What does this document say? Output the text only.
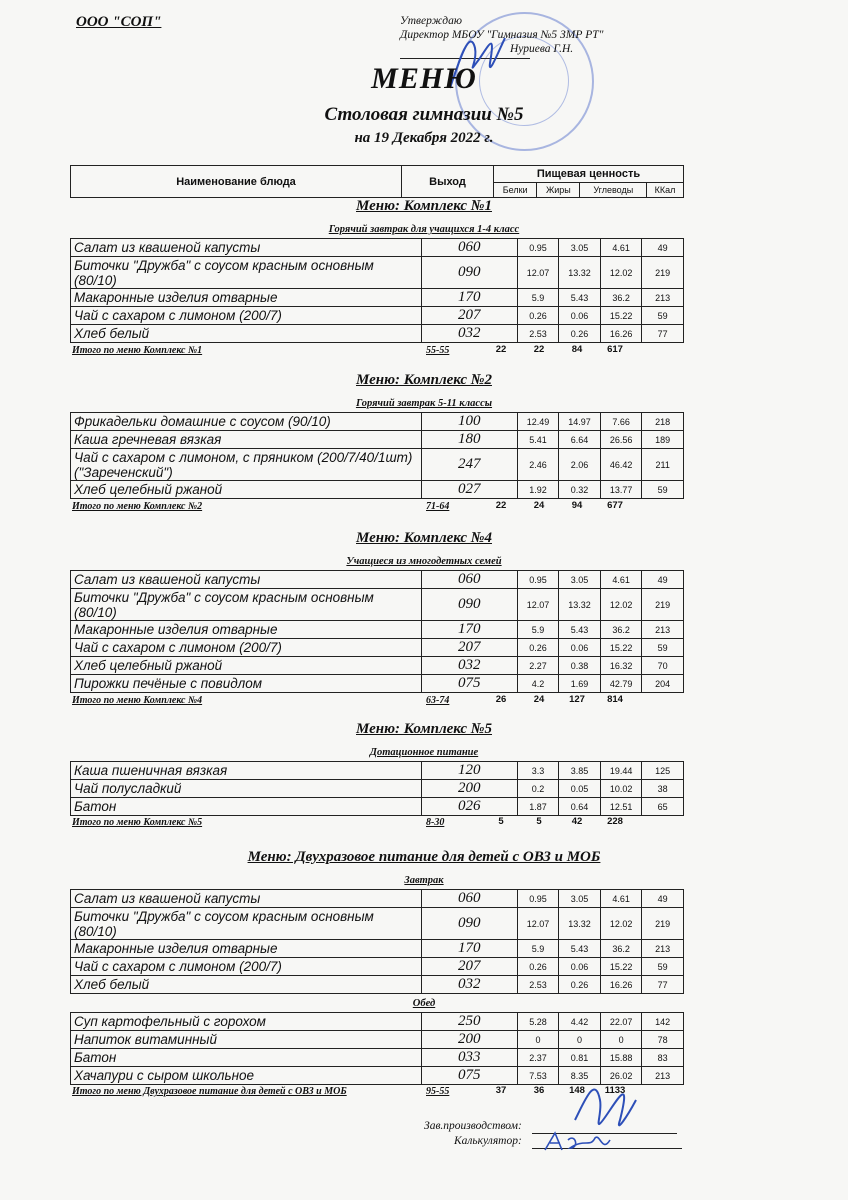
ООО "СОП"	Утверждаю
Директор МБОУ "Гимназия №5 ЗМР РТ"
Нуриева Г.Н.
МЕНЮ
Столовая гимназии №5
на 19 Декабря 2022 г.
Наименование блюда	Выход	Пищевая ценность			
		Белки	Жиры	Углеводы	ККал
Меню: Комплекс №1
Горячий завтрак для учащихся 1-4 класс
Салат из квашеной капусты	060	0.95	3.05	4.61	49
Биточки "Дружба" с соусом красным основным (80/10)	090	12.07	13.32	12.02	219
Макаронные изделия отварные	170	5.9	5.43	36.2	213
Чай с сахаром с лимоном (200/7)	207	0.26	0.06	15.22	59
Хлеб белый	032	2.53	0.26	16.26	77
Итого по меню Комплекс №1	55-55	22	22	84	617
Меню: Комплекс №2
Горячий завтрак 5-11 классы
Фрикадельки домашние с соусом (90/10)	100	12.49	14.97	7.66	218
Каша гречневая вязкая	180	5.41	6.64	26.56	189
Чай с сахаром с лимоном, с пряником (200/7/40/1шт) ("Зареченский")	247	2.46	2.06	46.42	211
Хлеб целебный ржаной	027	1.92	0.32	13.77	59
Итого по меню Комплекс №2	71-64	22	24	94	677
Меню: Комплекс №4
Учащиеся из многодетных семей
Салат из квашеной капусты	060	0.95	3.05	4.61	49
Биточки "Дружба" с соусом красным основным (80/10)	090	12.07	13.32	12.02	219
Макаронные изделия отварные	170	5.9	5.43	36.2	213
Чай с сахаром с лимоном (200/7)	207	0.26	0.06	15.22	59
Хлеб целебный ржаной	032	2.27	0.38	16.32	70
Пирожки печёные с повидлом	075	4.2	1.69	42.79	204
Итого по меню Комплекс №4	63-74	26	24	127	814
Меню: Комплекс №5
Дотационное питание
Каша пшеничная вязкая	120	3.3	3.85	19.44	125
Чай полусладкий	200	0.2	0.05	10.02	38
Батон	026	1.87	0.64	12.51	65
Итого по меню Комплекс №5	8-30	5	5	42	228
Меню: Двухразовое питание для детей с ОВЗ и МОБ
Завтрак
Салат из квашеной капусты	060	0.95	3.05	4.61	49
Биточки "Дружба" с соусом красным основным (80/10)	090	12.07	13.32	12.02	219
Макаронные изделия отварные	170	5.9	5.43	36.2	213
Чай с сахаром с лимоном (200/7)	207	0.26	0.06	15.22	59
Хлеб белый	032	2.53	0.26	16.26	77
Обед
Суп картофельный с горохом	250	5.28	4.42	22.07	142
Напиток витаминный	200	0	0	0	78
Батон	033	2.37	0.81	15.88	83
Хачапури с сыром школьное	075	7.53	8.35	26.02	213
Итого по меню Двухразовое питание для детей с ОВЗ и МОБ	95-55	37	36	148	1133
Зав.производством:
Калькулятор:
